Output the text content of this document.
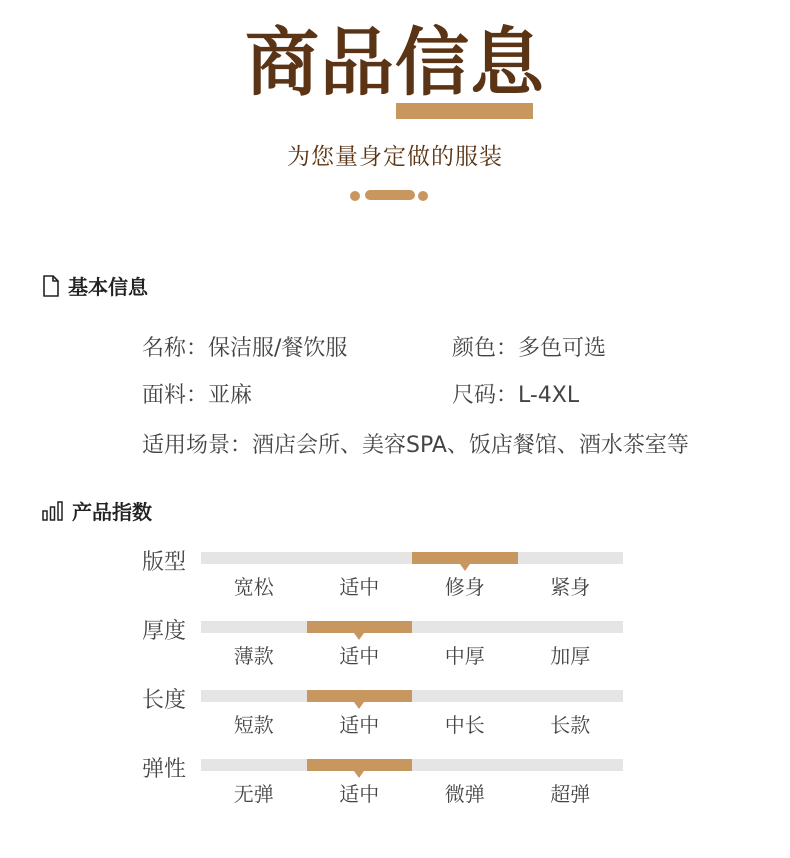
商品信息
为您量身定做的服装
基本信息
名称：保洁服/餐饮服	颜色：多色可选
面料：亚麻	尺码：L-4XL
适用场景：酒店会所、美容SPA、饭店餐馆、酒水茶室等
产品指数
版型
宽松	适中	修身	紧身
厚度
薄款	适中	中厚	加厚
长度
短款	适中	中长	长款
弹性
无弹	适中	微弹	超弹
